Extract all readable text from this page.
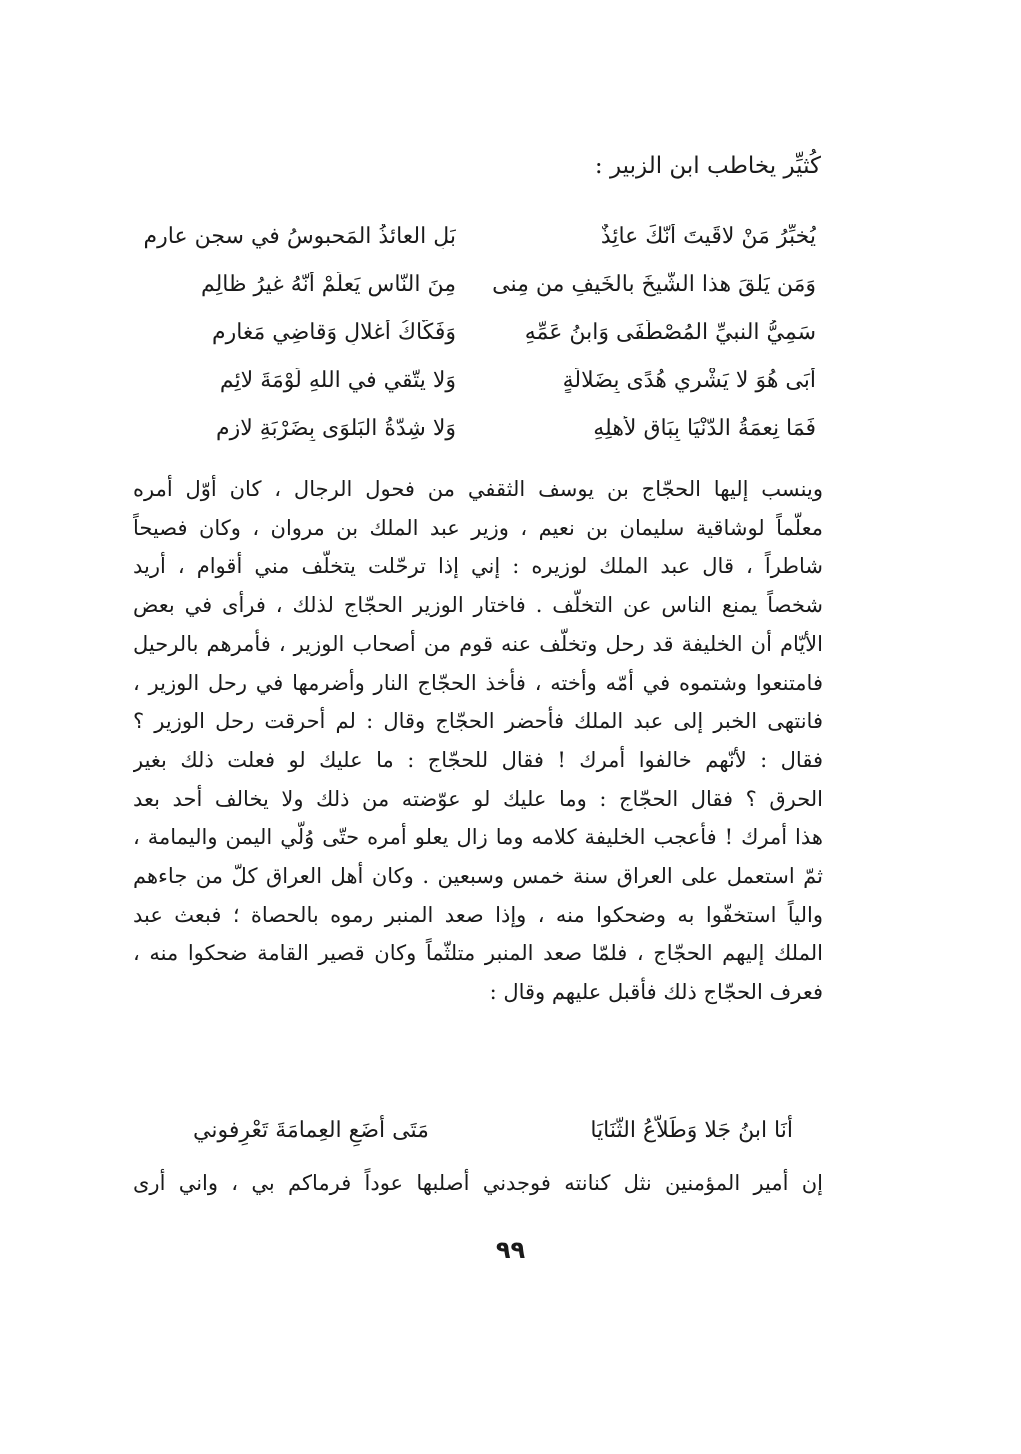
كُثيِّر يخاطب ابن الزبير :
يُخبِّرُ مَنْ لاقَيتَ أنّكَ عائِذٌ
بَلِ العائذُ المَحبوسُ في سجنِ عارمِ
وَمَن يَلقَ هذا الشّيخَ بالخَيفِ من مِنى
مِنَ النّاسِ يَعلَمْ أنّهُ غيرُ ظالِمِ
سَمِيُّ النبيِّ المُصْطَفَى وَابنُ عَمِّهِ
وَفَكّاكُ أغلالٍ وَقاضِي مَغارِمِ
أبَى هُوَ لا يَشْرِي هُدًى بِضَلالَةٍ
وَلا يتّقي في اللهِ لَوْمَةَ لائِمِ
فَمَا نِعمَةُ الدّنْيَا بِبَاقٍ لأهلِهِ
وَلا شِدّةُ البَلوَى بِضَرْبَةِ لازِمِ
وينسب إليها الحجّاج بن يوسف الثقفي من فحول الرجال ، كان أوّل أمره
معلّماً لوشاقية سليمان بن نعيم ، وزير عبد الملك بن مروان ، وكان فصيحاً
شاطراً ، قال عبد الملك لوزيره : إني إذا ترحّلت يتخلّف مني أقوام ، أريد
شخصاً يمنع الناس عن التخلّف . فاختار الوزير الحجّاج لذلك ، فرأى في بعض
الأيّام أن الخليفة قد رحل وتخلّف عنه قوم من أصحاب الوزير ، فأمرهم بالرحيل
فامتنعوا وشتموه في أمّه وأخته ، فأخذ الحجّاج النار وأضرمها في رحل الوزير ،
فانتهى الخبر إلى عبد الملك فأحضر الحجّاج وقال : لم أحرقت رحل الوزير ؟
فقال : لأنّهم خالفوا أمرك ! فقال للحجّاج : ما عليك لو فعلت ذلك بغير
الحرق ؟ فقال الحجّاج : وما عليك لو عوّضته من ذلك ولا يخالف أحد بعد
هذا أمرك ! فأعجب الخليفة كلامه وما زال يعلو أمره حتّى وُلّي اليمن واليمامة ،
ثمّ استعمل على العراق سنة خمس وسبعين . وكان أهل العراق كلّ من جاءهم
والياً استخفّوا به وضحكوا منه ، وإذا صعد المنبر رموه بالحصاة ؛ فبعث عبد
الملك إليهم الحجّاج ، فلمّا صعد المنبر متلثّماً وكان قصير القامة ضحكوا منه ،
فعرف الحجّاج ذلك فأقبل عليهم وقال :
أنَا ابنُ جَلا وَطَلاّعُ الثّنَايَا
مَتَى أضَعِ العِمامَةَ تَعْرِفوني
إن أمير المؤمنين نثل كنانته فوجدني أصلبها عوداً فرماكم بي ، واني أرى
٩٩
